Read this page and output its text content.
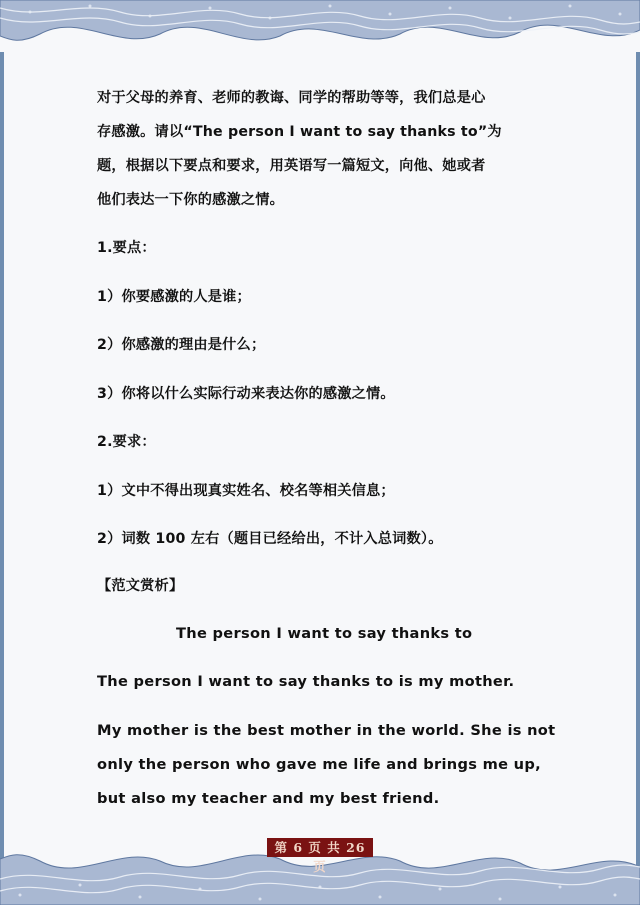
对于父母的养育、老师的教诲、同学的帮助等等，我们总是心
存感激。请以“The person I want to say thanks to”为
题，根据以下要点和要求，用英语写一篇短文，向他、她或者
他们表达一下你的感激之情。
1.要点：
1）你要感激的人是谁；
2）你感激的理由是什么；
3）你将以什么实际行动来表达你的感激之情。
2.要求：
1）文中不得出现真实姓名、校名等相关信息；
2）词数 100 左右（题目已经给出，不计入总词数）。
【范文赏析】
The person I want to say thanks to
The person I want to say thanks to is my mother.
My mother is the best mother in the world. She is not
only the person who gave me life and brings me up,
but also my teacher and my best friend.
第 6 页 共 26 页
